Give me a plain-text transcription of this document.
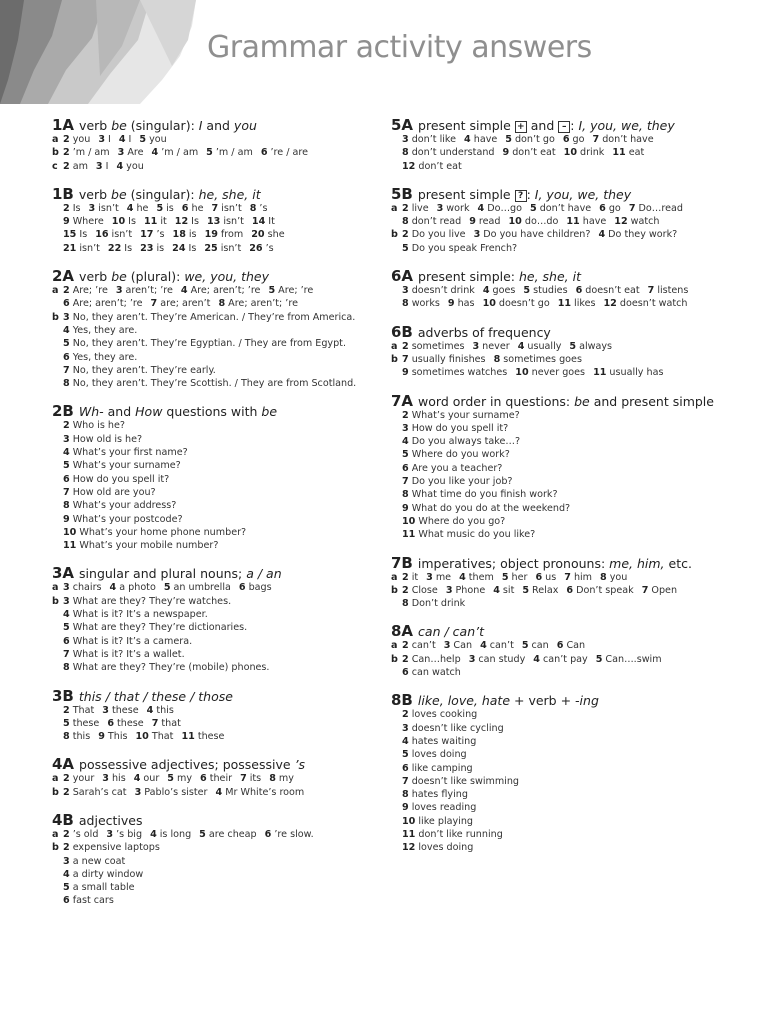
Grammar activity answers
1A verb be (singular): I and you
a 2 you 3 I 4 I 5 you
b 2 ’m / am 3 Are 4 ’m / am 5 ’m / am 6 ’re / are
c 2 am 3 I 4 you
1B verb be (singular): he, she, it
2 Is 3 isn’t 4 he 5 is 6 he 7 isn’t 8 ’s
9 Where 10 Is 11 it 12 Is 13 isn’t 14 It
15 Is 16 isn’t 17 ’s 18 is 19 from 20 she
21 isn’t 22 Is 23 is 24 Is 25 isn’t 26 ’s
2A verb be (plural): we, you, they
a 2 Are; ’re 3 aren’t; ’re 4 Are; aren’t; ’re 5 Are; ’re
6 Are; aren’t; ’re 7 are; aren’t 8 Are; aren’t; ’re
b 3 No, they aren’t. They’re American. / They’re from America.
4 Yes, they are.
5 No, they aren’t. They’re Egyptian. / They are from Egypt.
6 Yes, they are.
7 No, they aren’t. They’re early.
8 No, they aren’t. They’re Scottish. / They are from Scotland.
2B Wh- and How questions with be
2 Who is he?
3 How old is he?
4 What’s your first name?
5 What’s your surname?
6 How do you spell it?
7 How old are you?
8 What’s your address?
9 What’s your postcode?
10 What’s your home phone number?
11 What’s your mobile number?
3A singular and plural nouns; a / an
a 3 chairs 4 a photo 5 an umbrella 6 bags
b 3 What are they? They’re watches.
4 What is it? It’s a newspaper.
5 What are they? They’re dictionaries.
6 What is it? It’s a camera.
7 What is it? It’s a wallet.
8 What are they? They’re (mobile) phones.
3B this / that / these / those
2 That 3 these 4 this
5 these 6 these 7 that
8 this 9 This 10 That 11 these
4A possessive adjectives; possessive ’s
a 2 your 3 his 4 our 5 my 6 their 7 its 8 my
b 2 Sarah’s cat 3 Pablo’s sister 4 Mr White’s room
4B adjectives
a 2 ’s old 3 ’s big 4 is long 5 are cheap 6 ’re slow.
b 2 expensive laptops
3 a new coat
4 a dirty window
5 a small table
6 fast cars
5A present simple + and – : I, you, we, they
3 don’t like 4 have 5 don’t go 6 go 7 don’t have
8 don’t understand 9 don’t eat 10 drink 11 eat
12 don’t eat
5B present simple ? : I, you, we, they
a 2 live 3 work 4 Do…go 5 don’t have 6 go 7 Do…read
8 don’t read 9 read 10 do…do 11 have 12 watch
b 2 Do you live 3 Do you have children? 4 Do they work?
5 Do you speak French?
6A present simple: he, she, it
3 doesn’t drink 4 goes 5 studies 6 doesn’t eat 7 listens
8 works 9 has 10 doesn’t go 11 likes 12 doesn’t watch
6B adverbs of frequency
a 2 sometimes 3 never 4 usually 5 always
b 7 usually finishes 8 sometimes goes
9 sometimes watches 10 never goes 11 usually has
7A word order in questions: be and present simple
2 What’s your surname?
3 How do you spell it?
4 Do you always take…?
5 Where do you work?
6 Are you a teacher?
7 Do you like your job?
8 What time do you finish work?
9 What do you do at the weekend?
10 Where do you go?
11 What music do you like?
7B imperatives; object pronouns: me, him, etc.
a 2 it 3 me 4 them 5 her 6 us 7 him 8 you
b 2 Close 3 Phone 4 sit 5 Relax 6 Don’t speak 7 Open
8 Don’t drink
8A can / can’t
a 2 can’t 3 Can 4 can’t 5 can 6 Can
b 2 Can…help 3 can study 4 can’t pay 5 Can….swim
6 can watch
8B like, love, hate + verb + -ing
2 loves cooking
3 doesn’t like cycling
4 hates waiting
5 loves doing
6 like camping
7 doesn’t like swimming
8 hates flying
9 loves reading
10 like playing
11 don’t like running
12 loves doing
